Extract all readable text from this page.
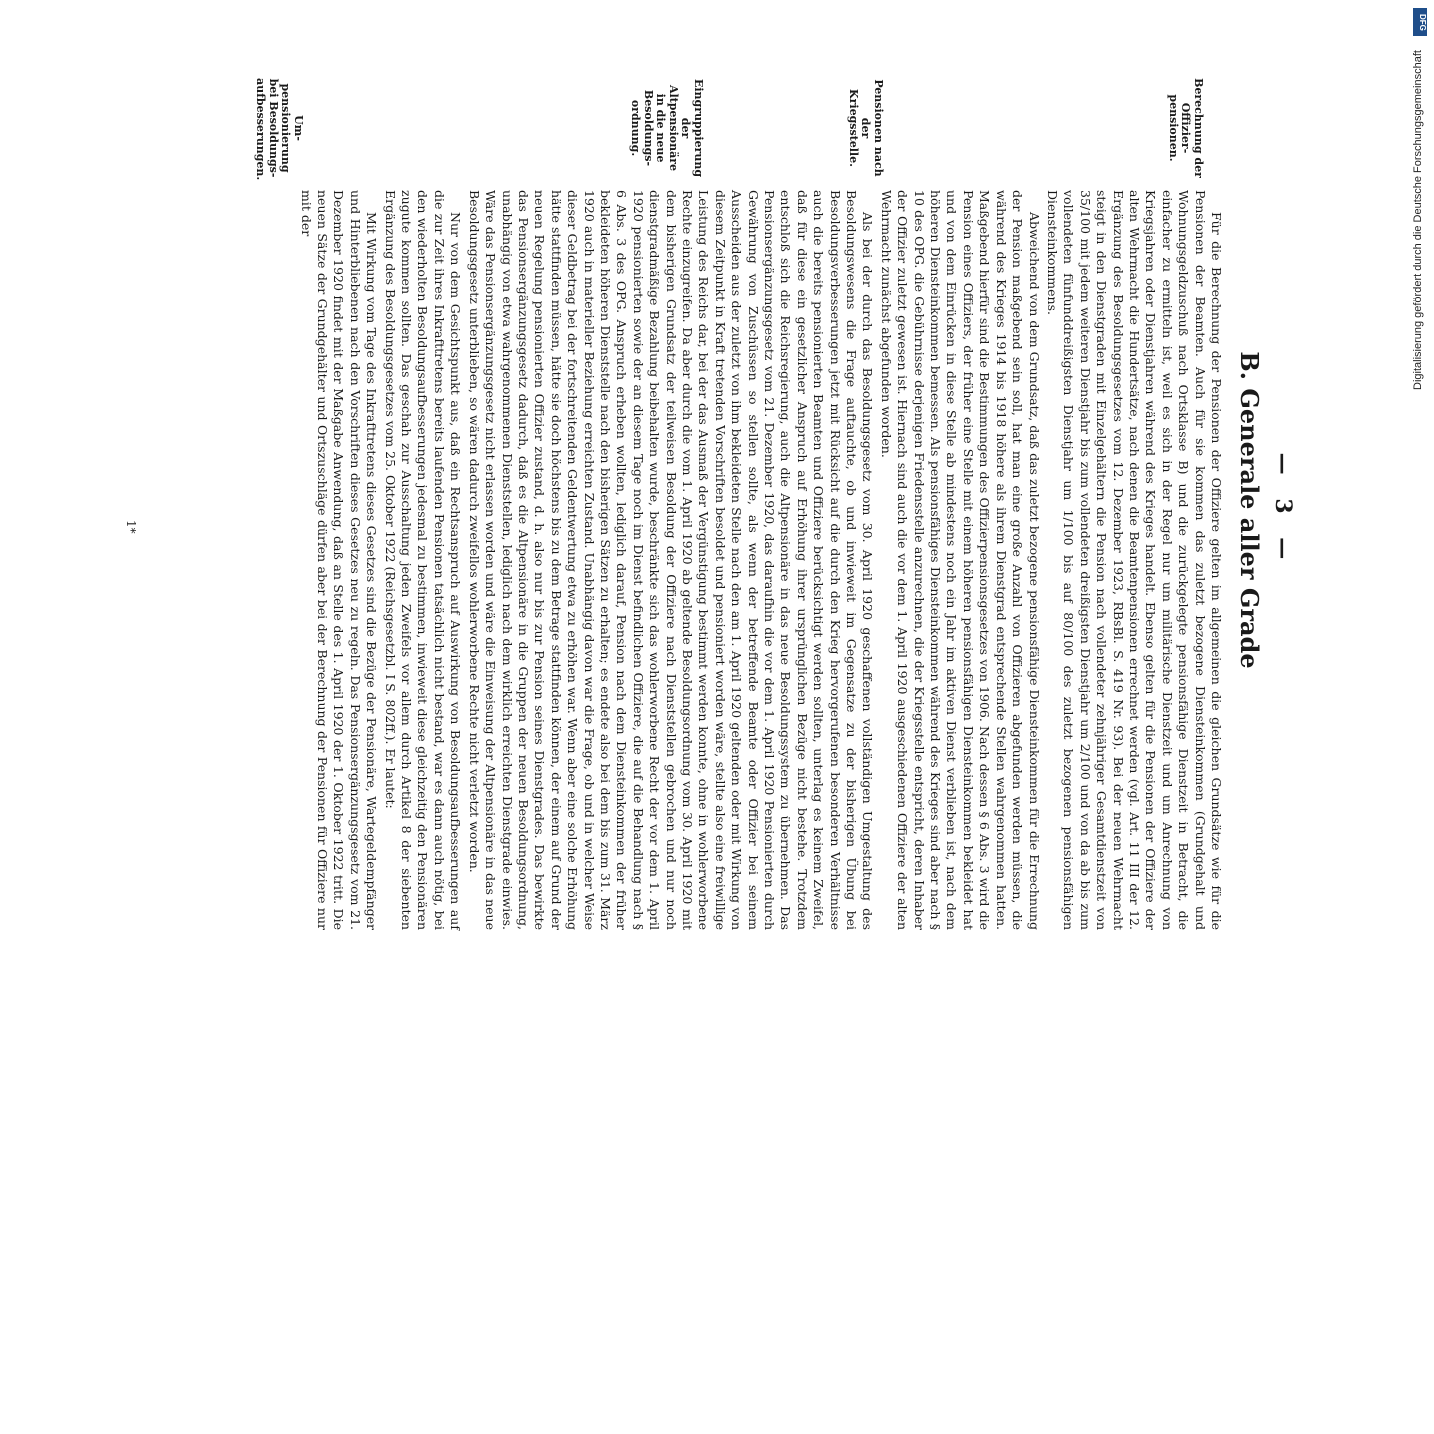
— 3 —
B. Generale aller Grade
Berechnung der Offizier-pensionen.
Pensionen nach der Kriegsstelle.
Eingruppierung der Altpensionäre in die neue Besoldungs-ordnung.
Um-pensionierung bei Besoldungs-aufbesserungen.

Für die Berechnung der Pensionen der Offiziere gelten im allgemeinen die gleichen Grundsätze wie für die Pensionen der Beamten. Auch für sie kommen das zuletzt bezogene Diensteinkommen (Grundgehalt und Wohnungsgeldzuschuß nach Ortsklasse B) und die zurückgelegte pensionsfähige Dienstzeit in Betracht, die einfacher zu ermitteln ist, weil es sich in der Regel nur um militärische Dienstzeit und um Anrechnung von Kriegsjahren oder Dienstjahren während des Krieges handelt. Ebenso gelten für die Pensionen der Offiziere der alten Wehrmacht die Hundertsätze, nach denen die Beamtenpensionen errechnet werden (vgl. Art. 11 III der 12. Ergänzung des Besoldungsgesetzes vom 12. Dezember 1923, RBsBl. S. 419 Nr. 93). Bei der neuen Wehrmacht steigt in den Dienstgraden mit Einzelgehältern die Pension nach vollendeter zehnjähriger Gesamtdienstzeit von 35/100 mit jedem weiteren Dienstjahr bis zum vollendeten dreißigsten Dienstjahr um 2/100 und von da ab bis zum vollendeten fünfunddreißigsten Dienstjahr um 1/100 bis auf 80/100 des zuletzt bezogenen pensionsfähigen Diensteinkommens.

Abweichend von dem Grundsatz, daß das zuletzt bezogene pensionsfähige Diensteinkommen für die Errechnung der Pension maßgebend sein soll, hat man eine große Anzahl von Offizieren abgefunden werden müssen, die während des Krieges 1914 bis 1918 höhere als ihrem Dienstgrad entsprechende Stellen wahrgenommen hatten. Maßgebend hierfür sind die Bestimmungen des Offizierpensionsgesetzes von 1906. Nach dessen § 6 Abs. 3 wird die Pension eines Offiziers, der früher eine Stelle mit einem höheren pensionsfähigen Diensteinkommen bekleidet hat und von dem Einrücken in diese Stelle ab mindestens noch ein Jahr im aktiven Dienst verblieben ist, nach dem höheren Diensteinkommen bemessen. Als pensionsfähiges Diensteinkommen während des Krieges sind aber nach § 10 des OPG. die Gebührnisse derjenigen Friedensstelle anzurechnen, die der Kriegsstelle entspricht, deren Inhaber der Offizier zuletzt gewesen ist. Hiernach sind auch die vor dem 1. April 1920 ausgeschiedenen Offiziere der alten Wehrmacht zunächst abgefunden worden.

Als bei der durch das Besoldungsgesetz vom 30. April 1920 geschaffenen vollständigen Umgestaltung des Besoldungswesens die Frage auftauchte, ob und inwieweit im Gegensatze zu der bisherigen Übung bei Besoldungsverbesserungen jetzt mit Rücksicht auf die durch den Krieg hervorgerufenen besonderen Verhältnisse auch die bereits pensionierten Beamten und Offiziere berücksichtigt werden sollten, unterlag es keinem Zweifel, daß für diese ein gesetzlicher Anspruch auf Erhöhung ihrer ursprünglichen Bezüge nicht bestehe. Trotzdem entschloß sich die Reichsregierung, auch die Altpensionäre in das neue Besoldungssystem zu übernehmen. Das Pensionsergänzungsgesetz vom 21. Dezember 1920, das daraufhin die vor dem 1. April 1920 Pensionierten durch Gewährung von Zuschüssen so stellen sollte, als wenn der betreffende Beamte oder Offizier bei seinem Ausscheiden aus der zuletzt von ihm bekleideten Stelle nach den am 1. April 1920 geltenden oder mit Wirkung von diesem Zeitpunkt in Kraft tretenden Vorschriften besoldet und pensioniert worden wäre, stellte also eine freiwillige Leistung des Reichs dar, bei der das Ausmaß der Vergünstigung bestimmt werden konnte, ohne in wohlerworbene Rechte einzugreifen. Da aber durch die vom 1. April 1920 ab geltende Besoldungsordnung vom 30. April 1920 mit dem bisherigen Grundsatz der teilweisen Besoldung der Offiziere nach Dienststellen gebrochen und nur noch dienstgradmäßige Bezahlung beibehalten wurde, beschränkte sich das wohlerworbene Recht der vor dem 1. April 1920 pensionierten sowie der an diesem Tage noch im Dienst befindlichen Offiziere, die auf die Behandlung nach § 6 Abs. 3 des OPG. Anspruch erheben wollten, lediglich darauf, Pension nach dem Diensteinkommen der früher bekleideten höheren Dienststelle nach den bisherigen Sätzen zu erhalten; es endete also bei dem bis zum 31. März 1920 auch in materieller Beziehung erreichten Zustand. Unabhängig davon war die Frage, ob und in welcher Weise dieser Geldbetrag bei der fortschreitenden Geldentwertung etwa zu erhöhen war. Wenn aber eine solche Erhöhung hätte stattfinden müssen, hätte sie doch höchstens bis zu dem Betrage stattfinden können, der einem auf Grund der neuen Regelung pensionierten Offizier zustand, d. h. also nur bis zur Pension seines Dienstgrades. Das bewirkte das Pensionsergänzungsgesetz dadurch, daß es die Altpensionäre in die Gruppen der neuen Besoldungsordnung, unabhängig von etwa wahrgenommenen Dienststellen, lediglich nach dem wirklich erreichten Dienstgrade einwies. Wäre das Pensionsergänzungsgesetz nicht erlassen worden und wäre die Einweisung der Altpensionäre in das neue Besoldungsgesetz unterblieben, so wären dadurch zweifellos wohlerworbene Rechte nicht verletzt worden.

Nur von dem Gesichtspunkt aus, daß ein Rechtsanspruch auf Auswirkung von Besoldungsaufbesserungen auf die zur Zeit ihres Inkrafttretens bereits laufenden Pensionen tatsächlich nicht bestand, war es dann auch nötig, bei den wiederholten Besoldungsaufbesserungen jedesmal zu bestimmen, inwieweit diese gleichzeitig den Pensionären zugute kommen sollten. Das geschah zur Ausschaltung jeden Zweifels vor allem durch Artikel 8 der siebenten Ergänzung des Besoldungsgesetzes vom 25. Oktober 1922 (Reichsgesetzbl. I S. 802ff.). Er lautet:

Mit Wirkung vom Tage des Inkrafttretens dieses Gesetzes sind die Bezüge der Pensionäre, Wartegeldempfänger und Hinterbliebenen nach den Vorschriften dieses Gesetzes neu zu regeln. Das Pensionsergänzungsgesetz vom 21. Dezember 1920 findet mit der Maßgabe Anwendung, daß an Stelle des 1. April 1920 der 1. Oktober 1922 tritt. Die neuen Sätze der Grundgehälter und Ortszuschläge dürfen aber bei der Berechnung der Pensionen für Offiziere nur mit der

1*
DFG
Digitalisierung gefördert durch die Deutsche Forschungsgemeinschaft
